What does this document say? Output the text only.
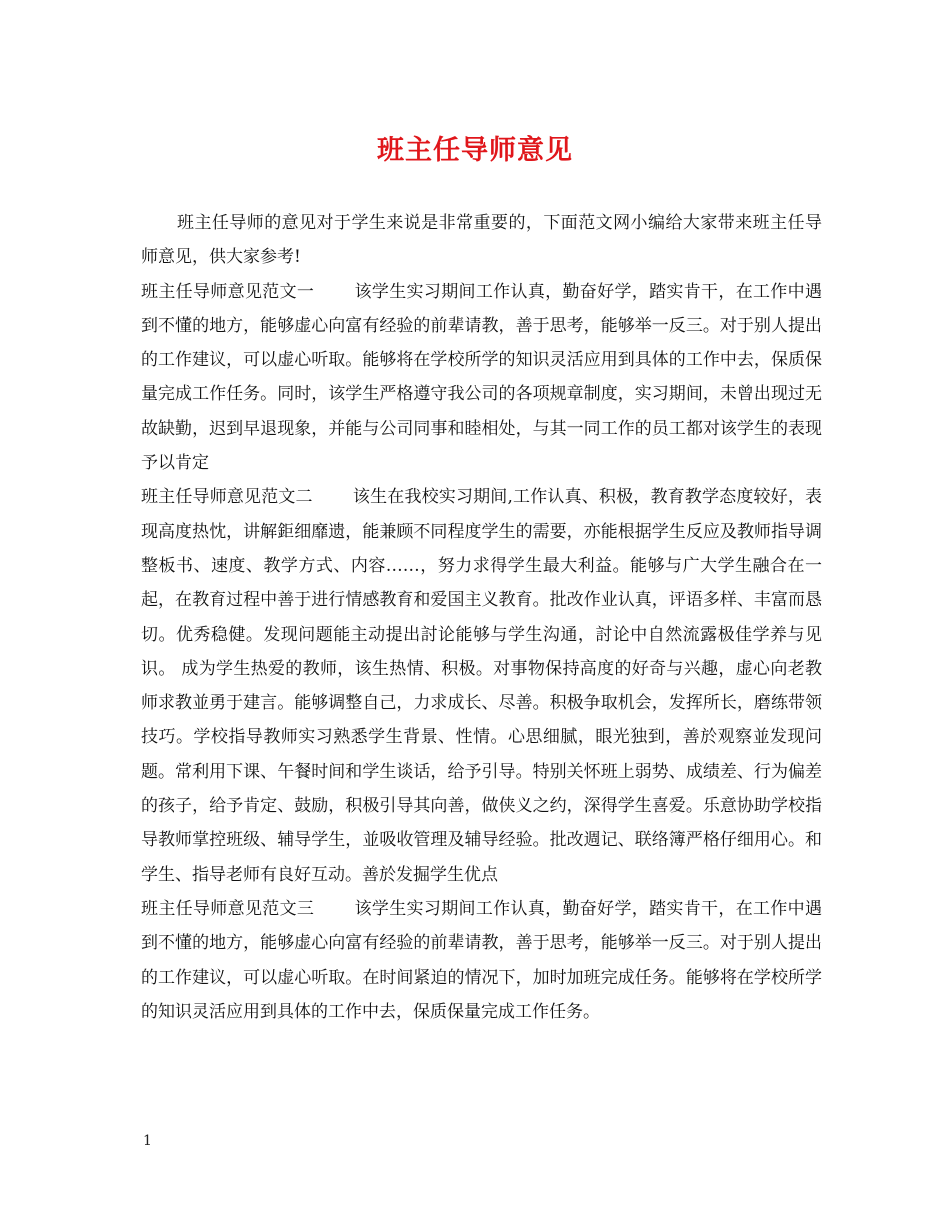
班主任导师意见

班主任导师的意见对于学生来说是非常重要的，下面范文网小编给大家带来班主任导师意见，供大家参考!

班主任导师意见范文一 该学生实习期间工作认真，勤奋好学，踏实肯干，在工作中遇到不懂的地方，能够虚心向富有经验的前辈请教，善于思考，能够举一反三。对于别人提出的工作建议，可以虚心听取。能够将在学校所学的知识灵活应用到具体的工作中去，保质保量完成工作任务。同时，该学生严格遵守我公司的各项规章制度，实习期间，未曾出现过无故缺勤，迟到早退现象，并能与公司同事和睦相处，与其一同工作的员工都对该学生的表现予以肯定

班主任导师意见范文二 该生在我校实习期间,工作认真、积极，教育教学态度较好，表现高度热忱，讲解鉅细靡遗，能兼顾不同程度学生的需要，亦能根据学生反应及教师指导调整板书、速度、教学方式、内容……，努力求得学生最大利益。能够与广大学生融合在一起，在教育过程中善于进行情感教育和爱国主义教育。批改作业认真，评语多样、丰富而恳切。优秀稳健。发现问题能主动提出討论能够与学生沟通，討论中自然流露极佳学养与见识。 成为学生热爱的教师，该生热情、积极。对事物保持高度的好奇与兴趣，虚心向老教师求教並勇于建言。能够调整自己，力求成长、尽善。积极争取机会，发挥所长，磨练带领技巧。学校指导教师实习熟悉学生背景、性情。心思细腻，眼光独到，善於观察並发现问题。常利用下课、午餐时间和学生谈话，给予引导。特别关怀班上弱势、成绩差、行为偏差的孩子，给予肯定、鼓励，积极引导其向善，做侠义之约，深得学生喜爱。乐意协助学校指导教师掌控班级、辅导学生，並吸收管理及辅导经验。批改週记、联络簿严格仔细用心。和学生、指导老师有良好互动。善於发掘学生优点

班主任导师意见范文三 该学生实习期间工作认真，勤奋好学，踏实肯干，在工作中遇到不懂的地方，能够虚心向富有经验的前辈请教，善于思考，能够举一反三。对于别人提出的工作建议，可以虚心听取。在时间紧迫的情况下，加时加班完成任务。能够将在学校所学的知识灵活应用到具体的工作中去，保质保量完成工作任务。

1
